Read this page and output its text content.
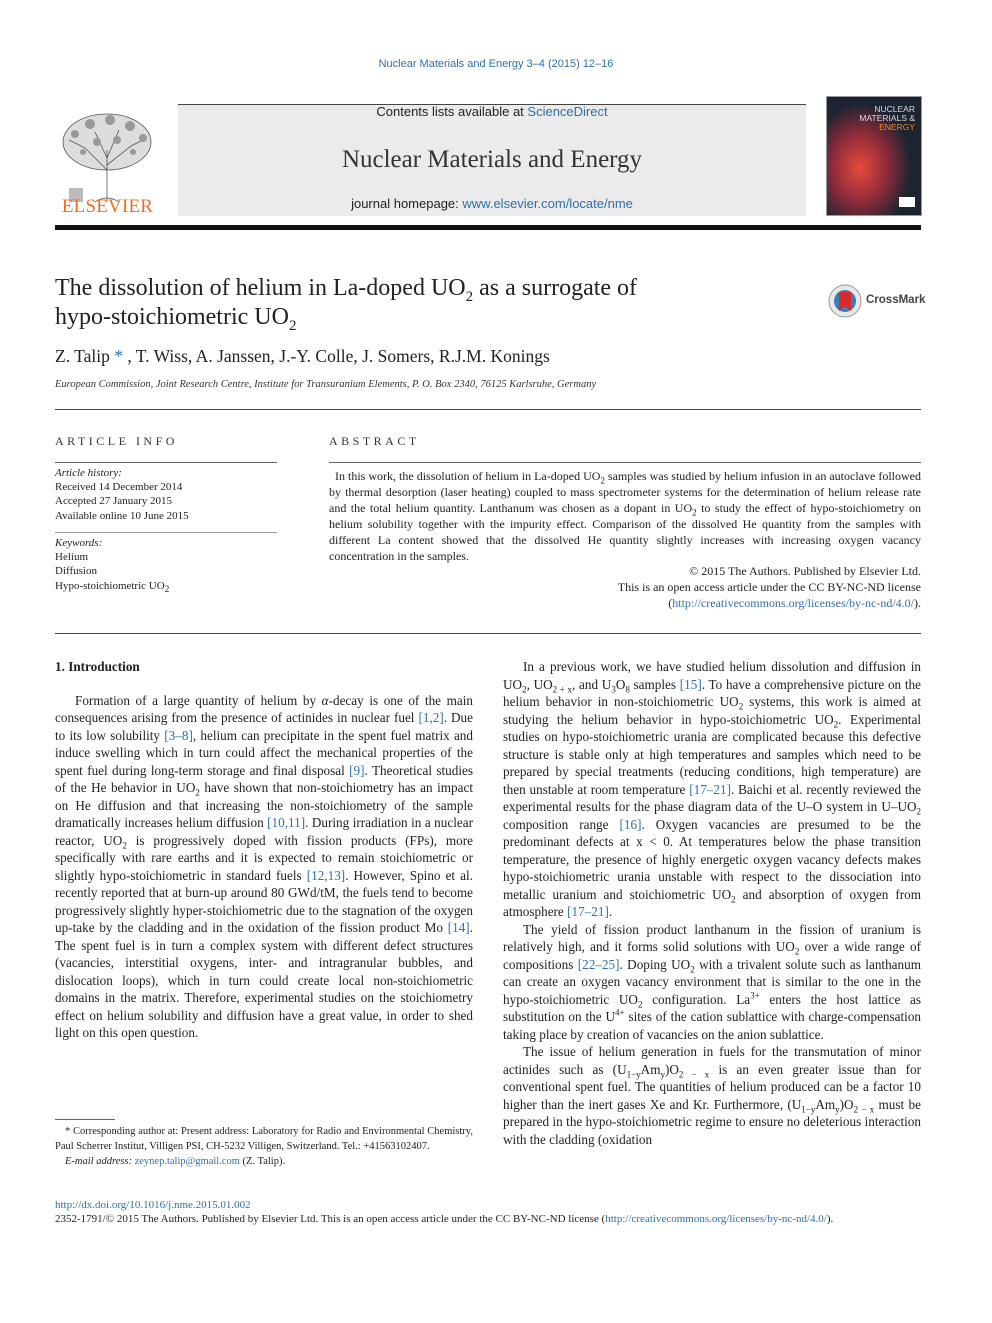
Nuclear Materials and Energy 3–4 (2015) 12–16
ELSEVIER
Contents lists available at ScienceDirect
Nuclear Materials and Energy
journal homepage: www.elsevier.com/locate/nme
NUCLEAR
MATERIALS &
ENERGY
The dissolution of helium in La-doped $UO_2$ as a surrogate of
hypo-stoichiometric $UO_2$
CrossMark
Z. Talip * , T. Wiss, A. Janssen, J.-Y. Colle, J. Somers, R.J.M. Konings
European Commission, Joint Research Centre, Institute for Transuranium Elements, P. O. Box 2340, 76125 Karlsruhe, Germany
ARTICLE INFO	ABSTRACT
Article history:
Received 14 December 2014
Accepted 27 January 2015
Available online 10 June 2015
Keywords:
Helium
Diffusion
Hypo-stoichiometric $UO_2$
In this work, the dissolution of helium in La-doped $UO_2$ samples was studied by helium infusion in an autoclave followed by thermal desorption (laser heating) coupled to mass spectrometer systems for the determination of helium release rate and the total helium quantity. Lanthanum was chosen as a dopant in $UO_2$ to study the effect of hypo-stoichiometry on helium solubility together with the impurity effect. Comparison of the dissolved He quantity from the samples with different La content showed that the dissolved He quantity slightly increases with increasing oxygen vacancy concentration in the samples.
© 2015 The Authors. Published by Elsevier Ltd.
This is an open access article under the CC BY-NC-ND license
(http://creativecommons.org/licenses/by-nc-nd/4.0/).

1. Introduction

Formation of a large quantity of helium by α-decay is one of the main consequences arising from the presence of actinides in nuclear fuel [1,2]. Due to its low solubility [3–8], helium can precipitate in the spent fuel matrix and induce swelling which in turn could affect the mechanical properties of the spent fuel during long-term storage and final disposal [9]. Theoretical studies of the He behavior in $UO_2$ have shown that non-stoichiometry has an impact on He diffusion and that increasing the non-stoichiometry of the sample dramatically increases helium diffusion [10,11]. During irradiation in a nuclear reactor, $UO_2$ is progressively doped with fission products (FPs), more specifically with rare earths and it is expected to remain stoichiometric or slightly hypo-stoichiometric in standard fuels [12,13]. However, Spino et al. recently reported that at burn-up around 80 GWd/tM, the fuels tend to become progressively slightly hyper-stoichiometric due to the stagnation of the oxygen up-take by the cladding and in the oxidation of the fission product Mo [14]. The spent fuel is in turn a complex system with different defect structures (vacancies, interstitial oxygens, inter- and intragranular bubbles, and dislocation loops), which in turn could create local non-stoichiometric domains in the matrix. Therefore, experimental studies on the stoichiometry effect on helium solubility and diffusion have a great value, in order to shed light on this open question.

In a previous work, we have studied helium dissolution and diffusion in $UO_2$, $UO_{2 + x}$, and $U_3O_8$ samples [15]. To have a comprehensive picture on the helium behavior in non-stoichiometric $UO_2$ systems, this work is aimed at studying the helium behavior in hypo-stoichiometric $UO_2$. Experimental studies on hypo-stoichiometric urania are complicated because this defective structure is stable only at high temperatures and samples which need to be prepared by special treatments (reducing conditions, high temperature) are then unstable at room temperature [17–21]. Baichi et al. recently reviewed the experimental results for the phase diagram data of the U–O system in $U-UO_2$ composition range [16]. Oxygen vacancies are presumed to be the predominant defects at x < 0. At temperatures below the phase transition temperature, the presence of highly energetic oxygen vacancy defects makes hypo-stoichiometric urania unstable with respect to the dissociation into metallic uranium and stoichiometric $UO_2$ and absorption of oxygen from atmosphere [17–21].

The yield of fission product lanthanum in the fission of uranium is relatively high, and it forms solid solutions with $UO_2$ over a wide range of compositions [22–25]. Doping $UO_2$ with a trivalent solute such as lanthanum can create an oxygen vacancy environment that is similar to the one in the hypo-stoichiometric $UO_2$ configuration. $La^{3+}$ enters the host lattice as substitution on the $U^{4+}$ sites of the cation sublattice with charge-compensation taking place by creation of vacancies on the anion sublattice.

The issue of helium generation in fuels for the transmutation of minor actinides such as $(U_{1-y}Am_y)O_{2 - x}$ is an even greater issue than for conventional spent fuel. The quantities of helium produced can be a factor 10 higher than the inert gases Xe and Kr. Furthermore, $(U_{1-y}Am_y)O_{2 - x}$ must be prepared in the hypo-stoichiometric regime to ensure no deleterious interaction with the cladding (oxidation

* Corresponding author at: Present address: Laboratory for Radio and Environmental Chemistry, Paul Scherrer Institut, Villigen PSI, CH-5232 Villigen, Switzerland. Tel.: +41563102407.
E-mail address: zeynep.talip@gmail.com (Z. Talip).
http://dx.doi.org/10.1016/j.nme.2015.01.002
2352-1791/© 2015 The Authors. Published by Elsevier Ltd. This is an open access article under the CC BY-NC-ND license (http://creativecommons.org/licenses/by-nc-nd/4.0/).
